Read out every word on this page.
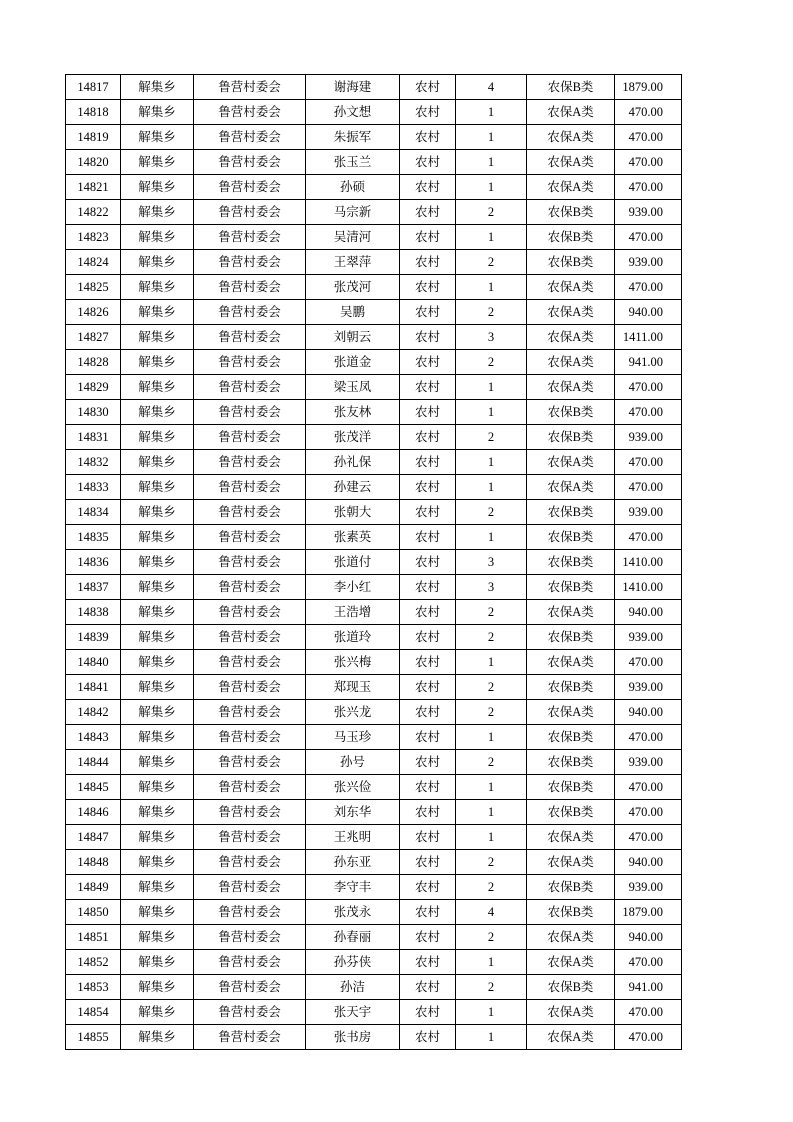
14817	解集乡	鲁营村委会	谢海建	农村	4	农保B类	1879.00
14818	解集乡	鲁营村委会	孙文想	农村	1	农保A类	470.00
14819	解集乡	鲁营村委会	朱振军	农村	1	农保A类	470.00
14820	解集乡	鲁营村委会	张玉兰	农村	1	农保A类	470.00
14821	解集乡	鲁营村委会	孙硕	农村	1	农保A类	470.00
14822	解集乡	鲁营村委会	马宗新	农村	2	农保B类	939.00
14823	解集乡	鲁营村委会	吴清河	农村	1	农保B类	470.00
14824	解集乡	鲁营村委会	王翠萍	农村	2	农保B类	939.00
14825	解集乡	鲁营村委会	张茂河	农村	1	农保A类	470.00
14826	解集乡	鲁营村委会	吴鹏	农村	2	农保A类	940.00
14827	解集乡	鲁营村委会	刘朝云	农村	3	农保A类	1411.00
14828	解集乡	鲁营村委会	张道金	农村	2	农保A类	941.00
14829	解集乡	鲁营村委会	梁玉凤	农村	1	农保A类	470.00
14830	解集乡	鲁营村委会	张友林	农村	1	农保B类	470.00
14831	解集乡	鲁营村委会	张茂洋	农村	2	农保B类	939.00
14832	解集乡	鲁营村委会	孙礼保	农村	1	农保A类	470.00
14833	解集乡	鲁营村委会	孙建云	农村	1	农保A类	470.00
14834	解集乡	鲁营村委会	张朝大	农村	2	农保B类	939.00
14835	解集乡	鲁营村委会	张素英	农村	1	农保B类	470.00
14836	解集乡	鲁营村委会	张道付	农村	3	农保B类	1410.00
14837	解集乡	鲁营村委会	李小红	农村	3	农保B类	1410.00
14838	解集乡	鲁营村委会	王浩增	农村	2	农保A类	940.00
14839	解集乡	鲁营村委会	张道玲	农村	2	农保B类	939.00
14840	解集乡	鲁营村委会	张兴梅	农村	1	农保A类	470.00
14841	解集乡	鲁营村委会	郑现玉	农村	2	农保B类	939.00
14842	解集乡	鲁营村委会	张兴龙	农村	2	农保A类	940.00
14843	解集乡	鲁营村委会	马玉珍	农村	1	农保B类	470.00
14844	解集乡	鲁营村委会	孙号	农村	2	农保B类	939.00
14845	解集乡	鲁营村委会	张兴俭	农村	1	农保B类	470.00
14846	解集乡	鲁营村委会	刘东华	农村	1	农保B类	470.00
14847	解集乡	鲁营村委会	王兆明	农村	1	农保A类	470.00
14848	解集乡	鲁营村委会	孙东亚	农村	2	农保A类	940.00
14849	解集乡	鲁营村委会	李守丰	农村	2	农保B类	939.00
14850	解集乡	鲁营村委会	张茂永	农村	4	农保B类	1879.00
14851	解集乡	鲁营村委会	孙春丽	农村	2	农保A类	940.00
14852	解集乡	鲁营村委会	孙芬侠	农村	1	农保A类	470.00
14853	解集乡	鲁营村委会	孙洁	农村	2	农保B类	941.00
14854	解集乡	鲁营村委会	张天宇	农村	1	农保A类	470.00
14855	解集乡	鲁营村委会	张书房	农村	1	农保A类	470.00
